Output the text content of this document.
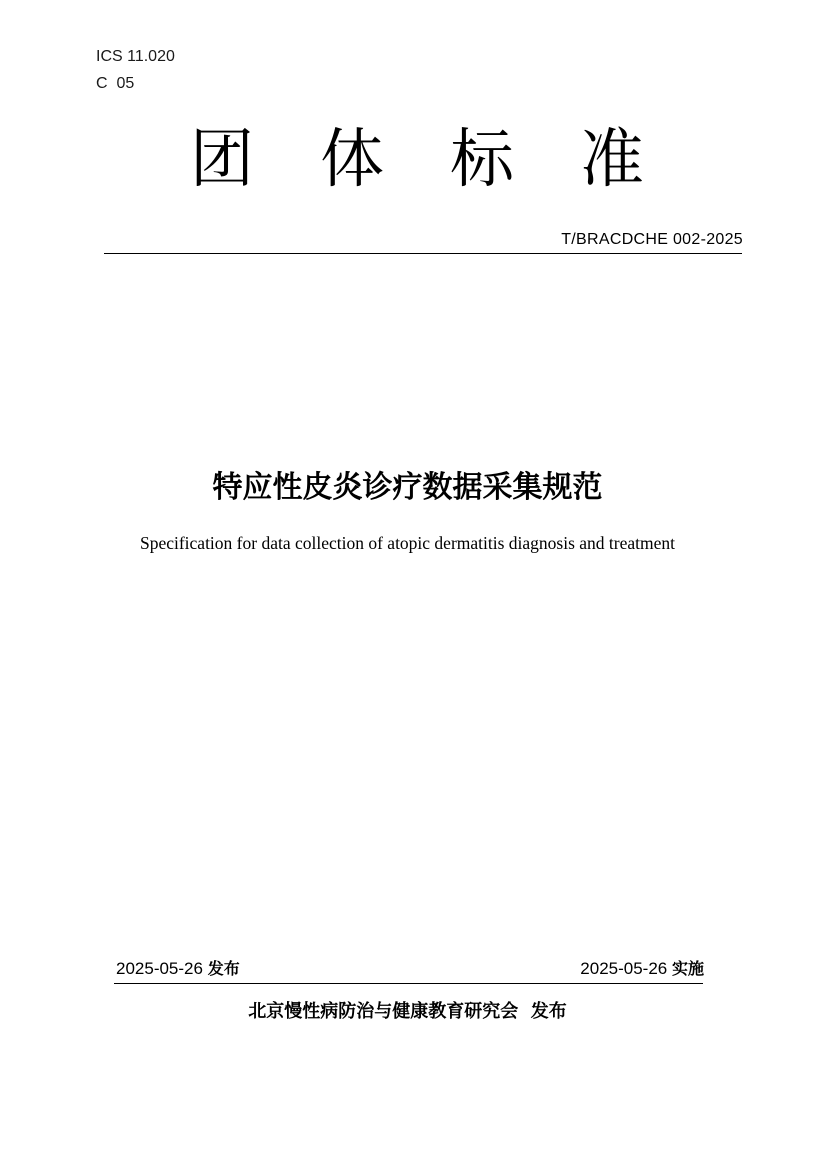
ICS 11.020
C  05
团 体 标 准
T/BRACDCHE 002-2025
特应性皮炎诊疗数据采集规范
Specification for data collection of atopic dermatitis diagnosis and treatment
2025-05-26 发布	2025-05-26 实施
北京慢性病防治与健康教育研究会  发布
